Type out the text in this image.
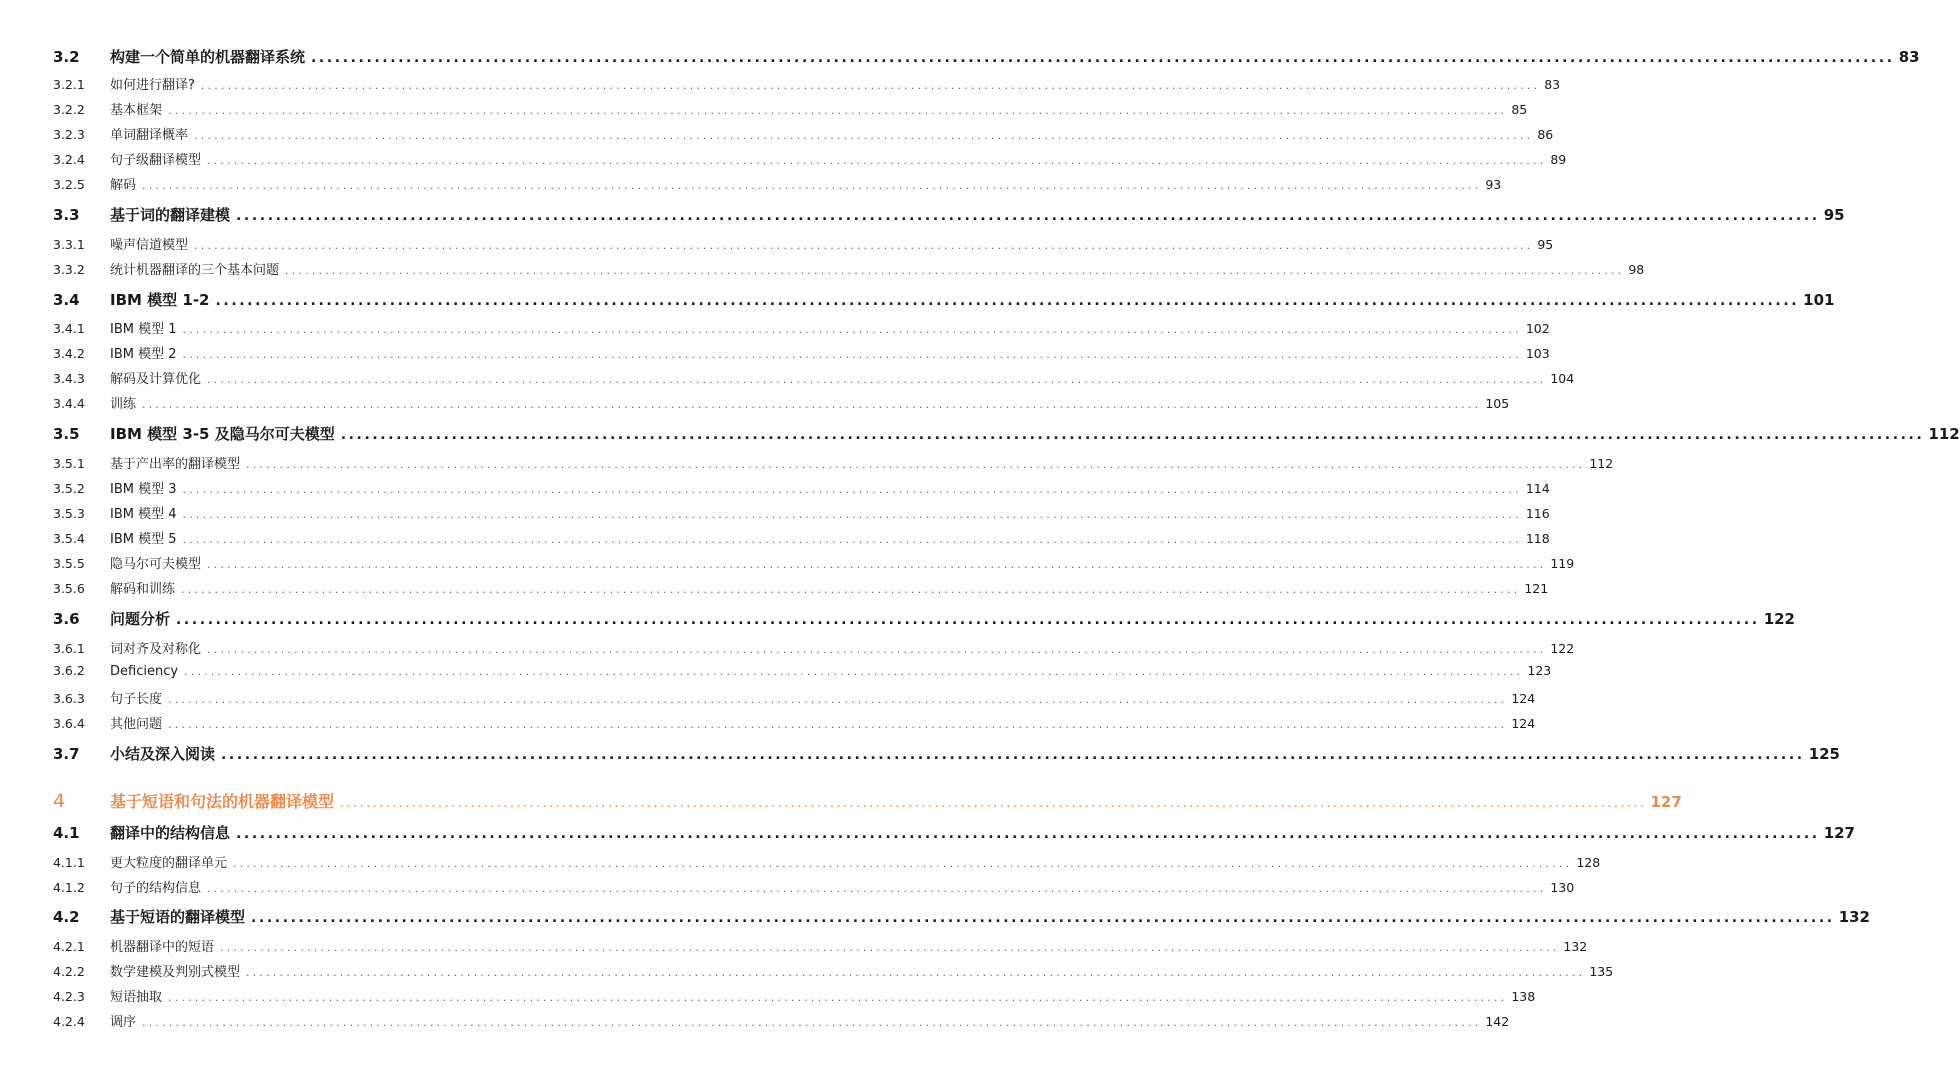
3.2	构建一个简单的机器翻译系统 ........................................................................................................................................................................................................ 83
3.2.1	如何进行翻译? ........................................................................................................................................................................................................ 83
3.2.2	基本框架 ........................................................................................................................................................................................................ 85
3.2.3	单词翻译概率 ........................................................................................................................................................................................................ 86
3.2.4	句子级翻译模型 ........................................................................................................................................................................................................ 89
3.2.5	解码 ........................................................................................................................................................................................................ 93
3.3	基于词的翻译建模 ........................................................................................................................................................................................................ 95
3.3.1	噪声信道模型 ........................................................................................................................................................................................................ 95
3.3.2	统计机器翻译的三个基本问题 ........................................................................................................................................................................................................ 98
3.4	IBM 模型 1-2 ........................................................................................................................................................................................................ 101
3.4.1	IBM 模型 1 ........................................................................................................................................................................................................ 102
3.4.2	IBM 模型 2 ........................................................................................................................................................................................................ 103
3.4.3	解码及计算优化 ........................................................................................................................................................................................................ 104
3.4.4	训练 ........................................................................................................................................................................................................ 105
3.5	IBM 模型 3-5 及隐马尔可夫模型 ........................................................................................................................................................................................................ 112
3.5.1	基于产出率的翻译模型 ........................................................................................................................................................................................................ 112
3.5.2	IBM 模型 3 ........................................................................................................................................................................................................ 114
3.5.3	IBM 模型 4 ........................................................................................................................................................................................................ 116
3.5.4	IBM 模型 5 ........................................................................................................................................................................................................ 118
3.5.5	隐马尔可夫模型 ........................................................................................................................................................................................................ 119
3.5.6	解码和训练 ........................................................................................................................................................................................................ 121
3.6	问题分析 ........................................................................................................................................................................................................ 122
3.6.1	词对齐及对称化 ........................................................................................................................................................................................................ 122
3.6.2	Deficiency ........................................................................................................................................................................................................ 123
3.6.3	句子长度 ........................................................................................................................................................................................................ 124
3.6.4	其他问题 ........................................................................................................................................................................................................ 124
3.7	小结及深入阅读 ........................................................................................................................................................................................................ 125
4	基于短语和句法的机器翻译模型 ........................................................................................................................................................................................................ 127
4.1	翻译中的结构信息 ........................................................................................................................................................................................................ 127
4.1.1	更大粒度的翻译单元 ........................................................................................................................................................................................................ 128
4.1.2	句子的结构信息 ........................................................................................................................................................................................................ 130
4.2	基于短语的翻译模型 ........................................................................................................................................................................................................ 132
4.2.1	机器翻译中的短语 ........................................................................................................................................................................................................ 132
4.2.2	数学建模及判别式模型 ........................................................................................................................................................................................................ 135
4.2.3	短语抽取 ........................................................................................................................................................................................................ 138
4.2.4	调序 ........................................................................................................................................................................................................ 142
